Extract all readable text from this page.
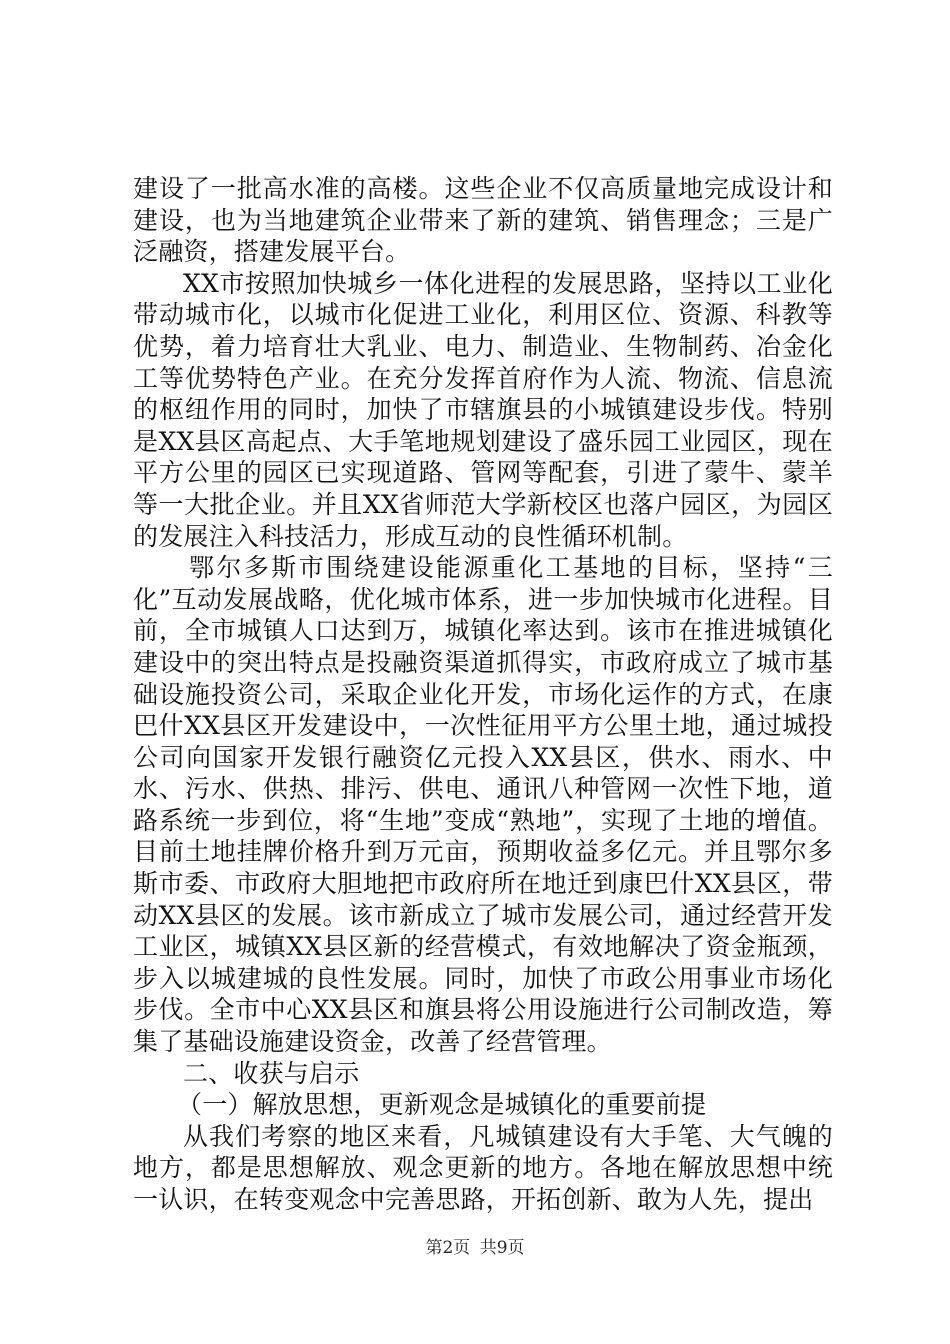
建设了一批高水准的高楼。这些企业不仅高质量地完成设计和建设，也为当地建筑企业带来了新的建筑、销售理念；三是广泛融资，搭建发展平台。

XX市按照加快城乡一体化进程的发展思路，坚持以工业化带动城市化，以城市化促进工业化，利用区位、资源、科教等优势，着力培育壮大乳业、电力、制造业、生物制药、冶金化工等优势特色产业。在充分发挥首府作为人流、物流、信息流的枢纽作用的同时，加快了市辖旗县的小城镇建设步伐。特别是XX县区高起点、大手笔地规划建设了盛乐园工业园区，现在平方公里的园区已实现道路、管网等配套，引进了蒙牛、蒙羊等一大批企业。并且XX省师范大学新校区也落户园区，为园区的发展注入科技活力，形成互动的良性循环机制。

鄂尔多斯市围绕建设能源重化工基地的目标，坚持“三化”互动发展战略，优化城市体系，进一步加快城市化进程。目前，全市城镇人口达到万，城镇化率达到。该市在推进城镇化建设中的突出特点是投融资渠道抓得实，市政府成立了城市基础设施投资公司，采取企业化开发，市场化运作的方式，在康巴什XX县区开发建设中，一次性征用平方公里土地，通过城投公司向国家开发银行融资亿元投入XX县区，供水、雨水、中水、污水、供热、排污、供电、通讯八种管网一次性下地，道路系统一步到位，将“生地”变成“熟地”，实现了土地的增值。目前土地挂牌价格升到万元亩，预期收益多亿元。并且鄂尔多斯市委、市政府大胆地把市政府所在地迁到康巴什XX县区，带动XX县区的发展。该市新成立了城市发展公司，通过经营开发工业区，城镇XX县区新的经营模式，有效地解决了资金瓶颈，步入以城建城的良性发展。同时，加快了市政公用事业市场化步伐。全市中心XX县区和旗县将公用设施进行公司制改造，筹集了基础设施建设资金，改善了经营管理。

二、收获与启示

（一）解放思想，更新观念是城镇化的重要前提

从我们考察的地区来看，凡城镇建设有大手笔、大气魄的地方，都是思想解放、观念更新的地方。各地在解放思想中统一认识，在转变观念中完善思路，开拓创新、敢为人先，提出

第2页 共9页
